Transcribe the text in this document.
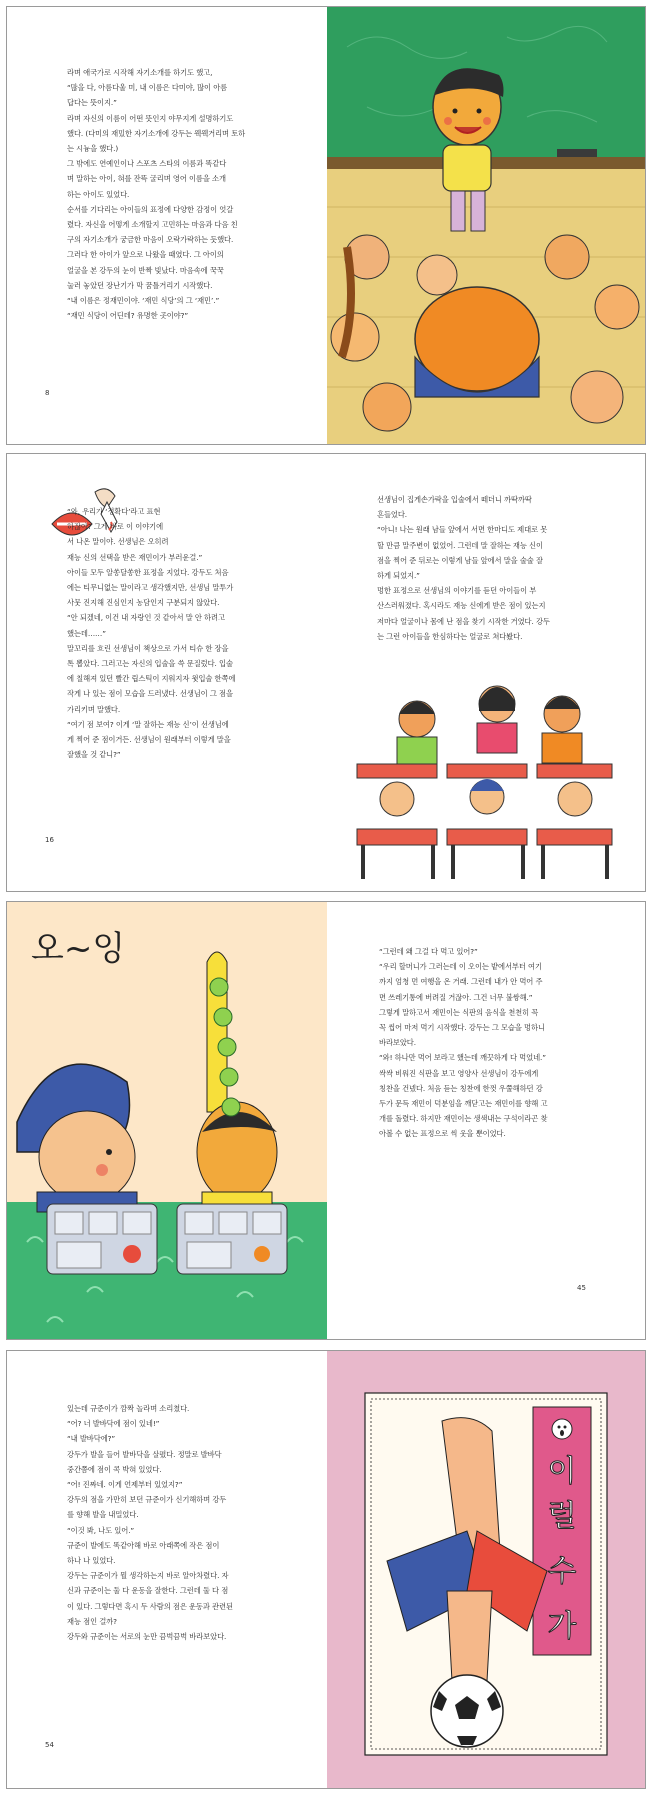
라며 애국가로 시작해 자기소개를 하기도 했고,

“많을 다, 아름다울 미, 내 이름은 다미야, 많이 아름

답다는 뜻이지.”

라며 자신의 이름이 어떤 뜻인지 야무지게 설명하기도

했다. (다미의 재밌한 자기소개에 강두는 웩웩거리며 토하

는 시늉을 했다.)

그 밖에도 연예인이나 스포츠 스타의 이름과 똑같다

며 말하는 아이, 혀를 잔뜩 굴리며 영어 이름을 소개

하는 아이도 있었다.

순서를 기다리는 아이들의 표정에 다양한 감정이 엇갈

렸다. 자신을 어떻게 소개할지 고민하는 마음과 다음 친

구의 자기소개가 궁금한 마음이 오락가락하는 듯했다.

그러다 한 아이가 앞으로 나왔을 때였다. 그 아이의

얼굴을 본 강두의 눈이 반짝 빛났다. 마음속에 꾹꾹

눌러 놓았던 장난기가 막 꿈틀거리기 시작했다.

“내 이름은 정재민이야. ‘재민 식당’의 그 ‘재민’.”

“재민 식당이 어딘데? 유명한 곳이야?”

8

“와, 우리가 ‘정확다’라고 표현

하잖아? 그게 바로 이 이야기에

서 나온 말이야. 선생님은 오히려

재능 신의 선택을 받은 재민이가 부러운걸.”

아이들 모두 알쏭달쏭한 표정을 지었다. 강두도 처음

에는 티무니없는 말이라고 생각했지만, 선생님 말투가

사뭇 진지해 진심인지 농담인지 구분되지 않았다.

“안 되겠네, 이건 내 자랑인 것 같아서 말 안 하려고

했는데……”

말꼬리를 흐린 선생님이 책상으로 가서 티슈 한 장을

톡 뽑았다. 그러고는 자신의 입술을 쓱 문질렀다. 입술

에 칠해져 있던 빨간 립스틱이 지워지자 윗입술 한쪽에

작게 나 있는 점이 모습을 드러냈다. 선생님이 그 점을

가리키며 말했다.

“여기 점 보여? 이게 ‘말 잘하는 재능 신’이 선생님에

게 찍어 준 점이거든. 선생님이 원래부터 이렇게 말을

잘했을 것 같니?”

16

선생님이 집게손가락을 입술에서 떼더니 까딱까딱

흔들었다.

“아니! 나는 원래 남들 앞에서 서면 한마디도 제대로 못

할 만큼 말주변이 없었어. 그런데 말 잘하는 재능 신이

점을 찍어 준 뒤로는 이렇게 남들 앞에서 말을 술술 잘

하게 되었지.”

멍한 표정으로 선생님의 이야기를 듣던 아이들이 부

산스러워졌다. 혹시라도 재능 신에게 받은 점이 있는지

저마다 얼굴이나 몸에 난 점을 찾기 시작한 거였다. 강두

는 그런 아이들을 한심하다는 얼굴로 쳐다봤다.

오~잉	“그런데 왜 그걸 다 먹고 있어?”

“우리 할머니가 그러는데 이 오이는 밭에서부터 여기

까지 엄청 먼 여행을 온 거래. 그런데 내가 안 먹어 주

면 쓰레기통에 버려질 거잖아. 그건 너무 불쌍해.”

그렇게 말하고서 재민이는 식판의 음식을 천천히 꼭

꼭 씹어 마저 먹기 시작했다. 강두는 그 모습을 멍하니

바라보았다.

“와! 하나만 먹어 보라고 했는데 깨끗하게 다 먹었네.”

싹싹 비워진 식판을 보고 영양사 선생님이 강두에게

칭찬을 건넸다. 처음 듣는 칭찬에 한껏 우쭐해하던 강

두가 문득 재민이 덕분임을 깨닫고는 재민이를 향해 고

개를 돌렸다. 하지만 재민이는 생색내는 구석이라곤 찾

아볼 수 없는 표정으로 씩 웃을 뿐이었다.

45

있는데 규준이가 깜짝 놀라며 소리쳤다.

“어? 너 발바닥에 점이 있네!”

“내 발바닥에?”

강두가 발을 들어 발바닥을 살폈다. 정말로 발바닥

중간쯤에 점이 콕 박혀 있었다.

“어! 진짜네. 이게 언제부터 있었지?”

강두의 점을 가만히 보던 규준이가 신기해하며 강두

를 향해 발을 내밀었다.

“이것 봐, 나도 있어.”

규준이 발에도 똑같아해 바로 아래쪽에 작은 점이

하나 나 있었다.

강두는 규준이가 뭘 생각하는지 바로 알아차렸다. 자

신과 규준이는 둘 다 운동을 잘한다. 그런데 둘 다 점

이 있다. 그렇다면 혹시 두 사람의 점은 운동과 관련된

재능 점인 걸까?

강두와 규준이는 서로의 눈만 끔벅끔벅 바라보았다.

54
이
럴
수
가
